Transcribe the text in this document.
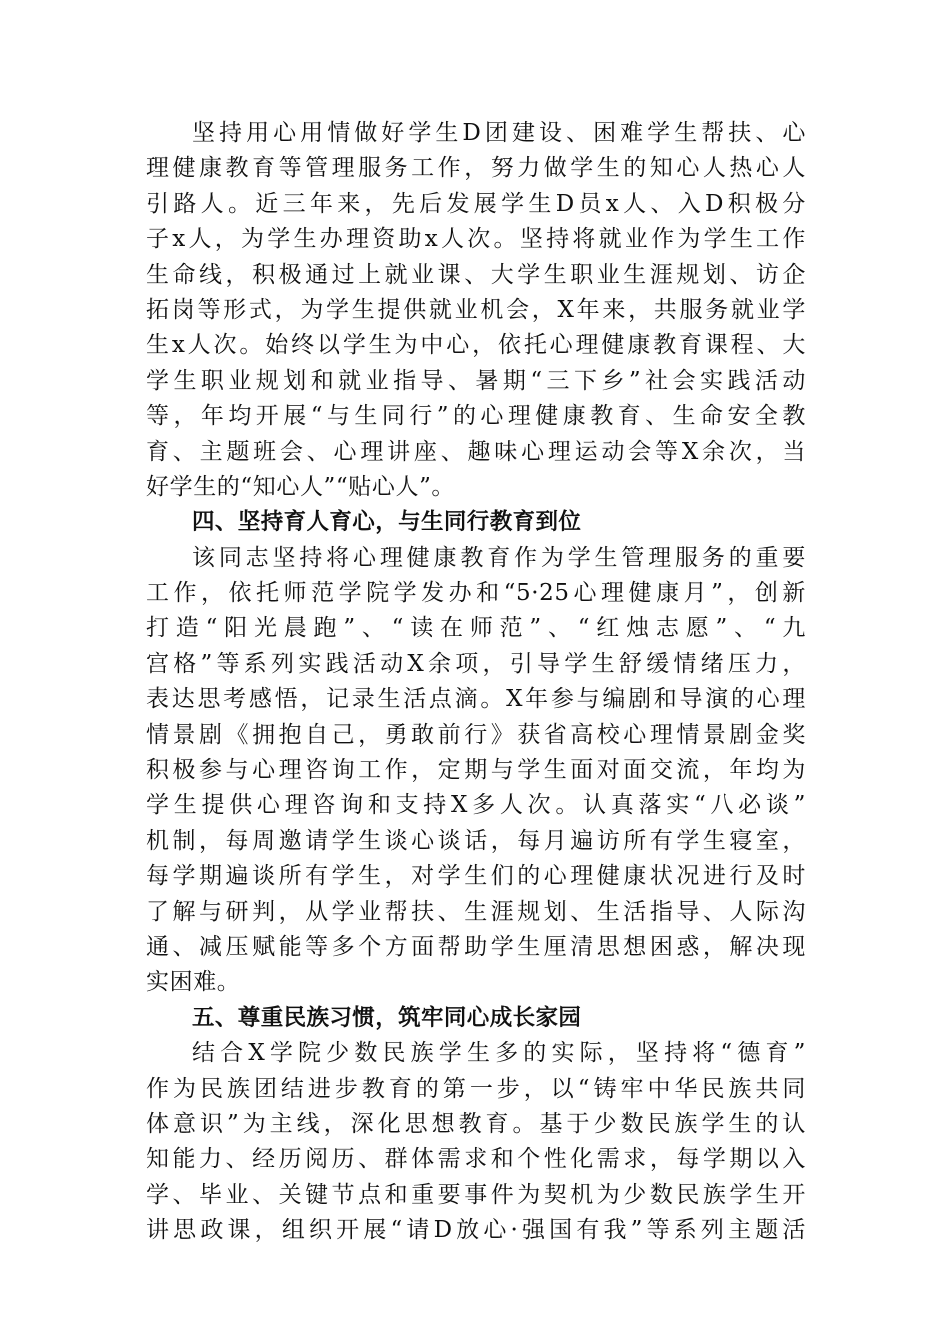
坚持用心用情做好学生D团建设、困难学生帮扶、心
理健康教育等管理服务工作，努力做学生的知心人热心人
引路人。近三年来，先后发展学生D员x人、入D积极分
子x人，为学生办理资助x人次。坚持将就业作为学生工作
生命线，积极通过上就业课、大学生职业生涯规划、访企
拓岗等形式，为学生提供就业机会，X年来，共服务就业学
生x人次。始终以学生为中心，依托心理健康教育课程、大
学生职业规划和就业指导、暑期“三下乡”社会实践活动
等，年均开展“与生同行”的心理健康教育、生命安全教
育、主题班会、心理讲座、趣味心理运动会等X余次，当
好学生的“知心人”“贴心人”。
四、坚持育人育心，与生同行教育到位
该同志坚持将心理健康教育作为学生管理服务的重要
工作，依托师范学院学发办和“5·25心理健康月”，创新
打造“阳光晨跑”、“读在师范”、“红烛志愿”、“九
宫格”等系列实践活动X余项，引导学生舒缓情绪压力，
表达思考感悟，记录生活点滴。X年参与编剧和导演的心理
情景剧《拥抱自己，勇敢前行》获省高校心理情景剧金奖
积极参与心理咨询工作，定期与学生面对面交流，年均为
学生提供心理咨询和支持X多人次。认真落实“八必谈”
机制，每周邀请学生谈心谈话，每月遍访所有学生寝室，
每学期遍谈所有学生，对学生们的心理健康状况进行及时
了解与研判，从学业帮扶、生涯规划、生活指导、人际沟
通、减压赋能等多个方面帮助学生厘清思想困惑，解决现
实困难。
五、尊重民族习惯，筑牢同心成长家园
结合X学院少数民族学生多的实际，坚持将“德育”
作为民族团结进步教育的第一步，以“铸牢中华民族共同
体意识”为主线，深化思想教育。基于少数民族学生的认
知能力、经历阅历、群体需求和个性化需求，每学期以入
学、毕业、关键节点和重要事件为契机为少数民族学生开
讲思政课，组织开展“请D放心·强国有我”等系列主题活
